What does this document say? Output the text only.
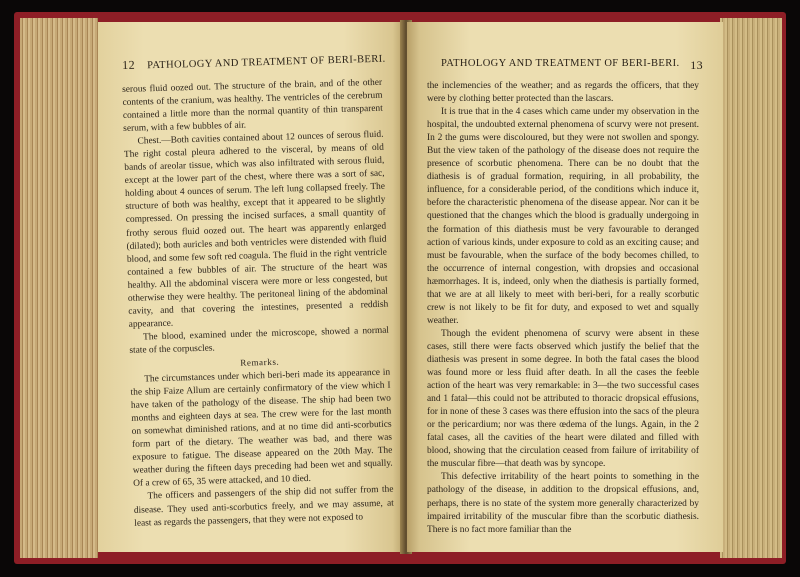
12 PATHOLOGY AND TREATMENT OF BERI-BERI.

serous fluid oozed out. The structure of the brain, and of the other contents of the cranium, was healthy. The ventricles of the cerebrum contained a little more than the normal quantity of thin transparent serum, with a few bubbles of air.

Chest.—Both cavities contained about 12 ounces of serous fluid. The right costal pleura adhered to the visceral, by means of old bands of areolar tissue, which was also infiltrated with serous fluid, except at the lower part of the chest, where there was a sort of sac, holding about 4 ounces of serum. The left lung collapsed freely. The structure of both was healthy, except that it appeared to be slightly compressed. On pressing the incised surfaces, a small quantity of frothy serous fluid oozed out. The heart was apparently enlarged (dilated); both auricles and both ventricles were distended with fluid blood, and some few soft red coagula. The fluid in the right ventricle contained a few bubbles of air. The structure of the heart was healthy. All the abdominal viscera were more or less congested, but otherwise they were healthy. The peritoneal lining of the abdominal cavity, and that covering the intestines, presented a reddish appearance.

The blood, examined under the microscope, showed a normal state of the corpuscles.

Remarks.

The circumstances under which beri-beri made its appearance in the ship Faize Allum are certainly confirmatory of the view which I have taken of the pathology of the disease. The ship had been two months and eighteen days at sea. The crew were for the last month on somewhat diminished rations, and at no time did anti-scorbutics form part of the dietary. The weather was bad, and there was exposure to fatigue. The disease appeared on the 20th May. The weather during the fifteen days preceding had been wet and squally. Of a crew of 65, 35 were attacked, and 10 died.

The officers and passengers of the ship did not suffer from the disease. They used anti-scorbutics freely, and we may assume, at least as regards the passengers, that they were not exposed to

PATHOLOGY AND TREATMENT OF BERI-BERI. 13

the inclemencies of the weather; and as regards the officers, that they were by clothing better protected than the lascars.

It is true that in the 4 cases which came under my observation in the hospital, the undoubted external phenomena of scurvy were not present. In 2 the gums were discoloured, but they were not swollen and spongy. But the view taken of the pathology of the disease does not require the presence of scorbutic phenomena. There can be no doubt that the diathesis is of gradual formation, requiring, in all probability, the influence, for a considerable period, of the conditions which induce it, before the characteristic phenomena of the disease appear. Nor can it be questioned that the changes which the blood is gradually undergoing in the formation of this diathesis must be very favourable to deranged action of various kinds, under exposure to cold as an exciting cause; and must be favourable, when the surface of the body becomes chilled, to the occurrence of internal congestion, with dropsies and occasional hæmorrhages. It is, indeed, only when the diathesis is partially formed, that we are at all likely to meet with beri-beri, for a really scorbutic crew is not likely to be fit for duty, and exposed to wet and squally weather.

Though the evident phenomena of scurvy were absent in these cases, still there were facts observed which justify the belief that the diathesis was present in some degree. In both the fatal cases the blood was found more or less fluid after death. In all the cases the feeble action of the heart was very remarkable: in 3—the two successful cases and 1 fatal—this could not be attributed to thoracic dropsical effusions, for in none of these 3 cases was there effusion into the sacs of the pleura or the pericardium; nor was there œdema of the lungs. Again, in the 2 fatal cases, all the cavities of the heart were dilated and filled with blood, showing that the circulation ceased from failure of irritability of the muscular fibre—that death was by syncope.

This defective irritability of the heart points to something in the pathology of the disease, in addition to the dropsical effusions, and, perhaps, there is no state of the system more generally characterized by impaired irritability of the muscular fibre than the scorbutic diathesis. There is no fact more familiar than the
